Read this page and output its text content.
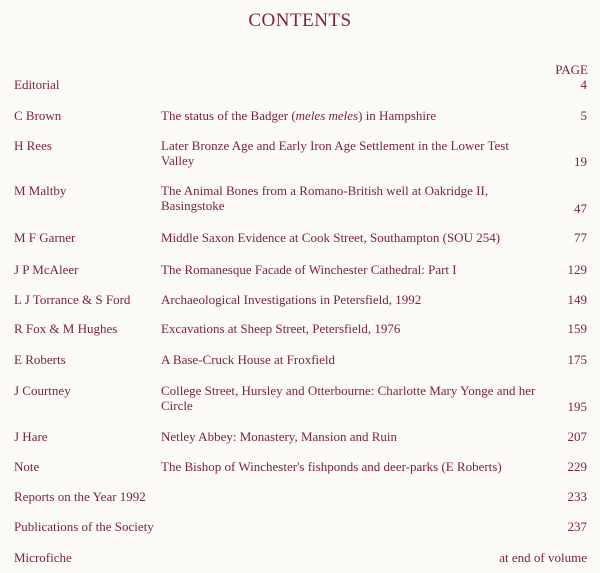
CONTENTS
PAGE
Editorial	4
C Brown	The status of the Badger (meles meles) in Hampshire	5
H Rees	Later Bronze Age and Early Iron Age Settlement in the Lower Test Valley	19
M Maltby	The Animal Bones from a Romano-British well at Oakridge II, Basingstoke	47
M F Garner	Middle Saxon Evidence at Cook Street, Southampton (SOU 254)	77
J P McAleer	The Romanesque Facade of Winchester Cathedral: Part I	129
L J Torrance & S Ford	Archaeological Investigations in Petersfield, 1992	149
R Fox & M Hughes	Excavations at Sheep Street, Petersfield, 1976	159
E Roberts	A Base-Cruck House at Froxfield	175
J Courtney	College Street, Hursley and Otterbourne: Charlotte Mary Yonge and her Circle	195
J Hare	Netley Abbey: Monastery, Mansion and Ruin	207
Note	The Bishop of Winchester's fishponds and deer-parks (E Roberts)	229
Reports on the Year 1992	233
Publications of the Society	237
Microfiche	at end of volume
